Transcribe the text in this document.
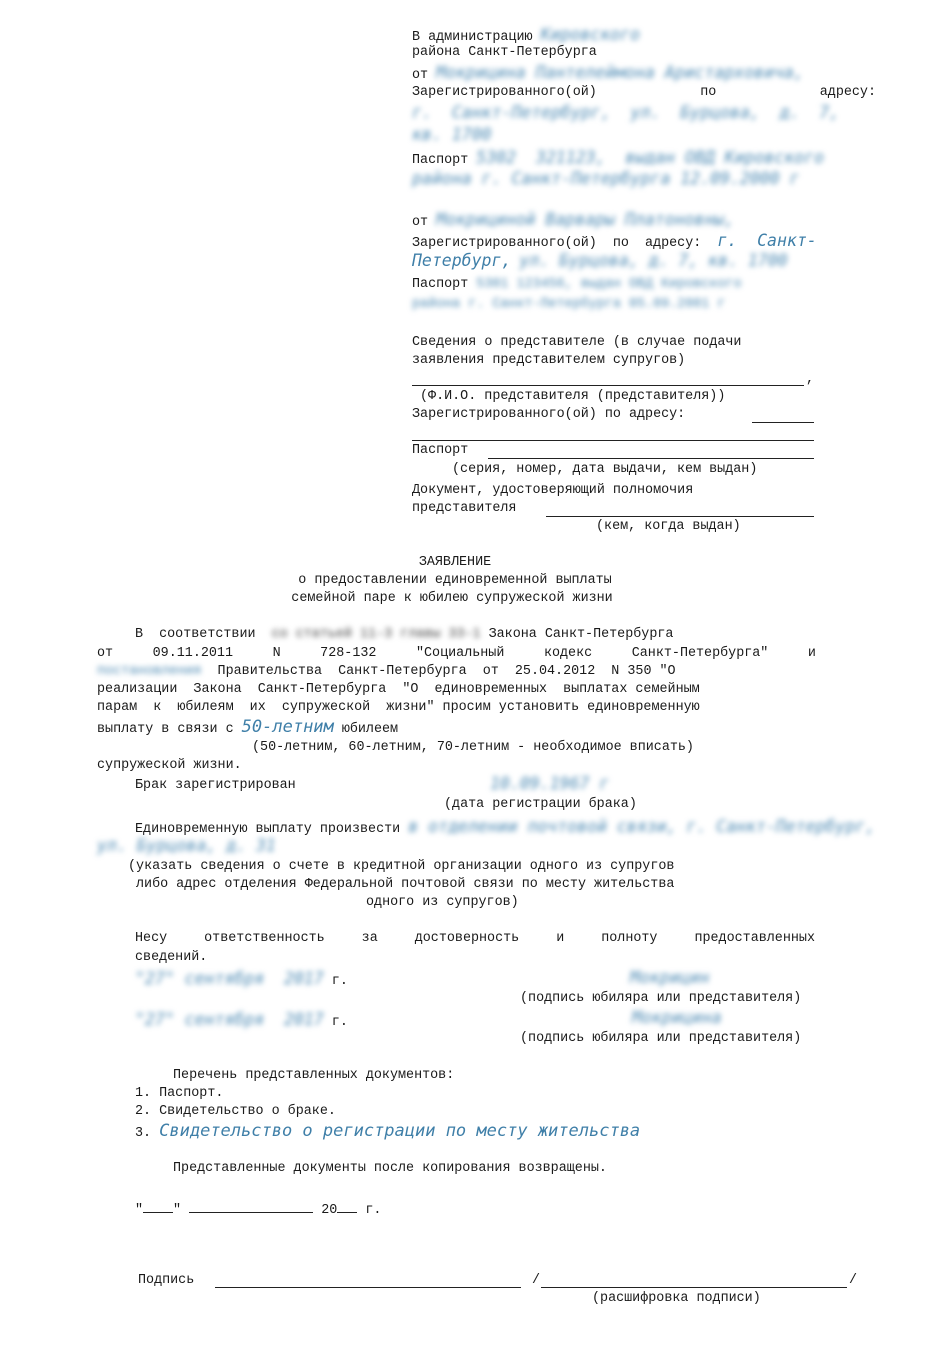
В администрацию Кировского
района Санкт-Петербурга
от Мокрицина Пантелеймона Аристарховича,
Зарегистрированного(ой)	по	адресу:
г.  Санкт-Петербург,  ул.  Бурцова,  д.  7,
кв. 1700
Паспорт 5302  321123,  выдан ОВД Кировского
района г. Санкт-Петербурга 12.09.2000 г
от Мокрициной Варвары Платоновны,
Зарегистрированного(ой)  по  адресу: г.  Санкт-
Петербург, ул. Бурцова, д. 7, кв. 1700
Паспорт 5301 123456, выдан ОВД Кировского
района г. Санкт-Петербурга 05.09.2001 г
Сведения о представителе (в случае подачи
заявления представителем супругов)
,
(Ф.И.О. представителя (представителя))
Зарегистрированного(ой) по адресу:
Паспорт
(серия, номер, дата выдачи, кем выдан)
Документ, удостоверяющий полномочия
представителя
(кем, когда выдан)
ЗАЯВЛЕНИЕ
о предоставлении единовременной выплаты
семейной паре к юбилею супружеской жизни
В  соответствии со статьей 11-3 главы 33-1 Закона Санкт-Петербурга
от	09.11.2011	N	728-132	"Социальный	кодекс	Санкт-Петербурга"	и
постановления Правительства  Санкт-Петербурга  от  25.04.2012  N 350 "О
реализации  Закона  Санкт-Петербурга  "О  единовременных  выплатах семейным
парам  к  юбилеям  их  супружеской  жизни" просим установить единовременную
выплату в связи с 50-летним юбилеем
(50-летним, 60-летним, 70-летним - необходимое вписать)
супружеской жизни.
Брак зарегистрирован	10.09.1967 г
(дата регистрации брака)
Единовременную выплату произвести в отделении почтовой связи, г. Санкт-Петербург,
ул. Бурцова, д. 31
(указать сведения о счете в кредитной организации одного из супругов
либо адрес отделения Федеральной почтовой связи по месту жительства
одного из супругов)
Несу	ответственность	за	достоверность	и	полноту	предоставленных
сведений.
"27" сентября  2017 г.	Мокрицин
(подпись юбиляра или представителя)
"27" сентября  2017 г.	Мокрицина
(подпись юбиляра или представителя)
Перечень представленных документов:
1. Паспорт.
2. Свидетельство о браке.
3. Свидетельство о регистрации по месту жительства
Представленные документы после копирования возвращены.
" "	20 г.
Подпись	/	/
(расшифровка подписи)
